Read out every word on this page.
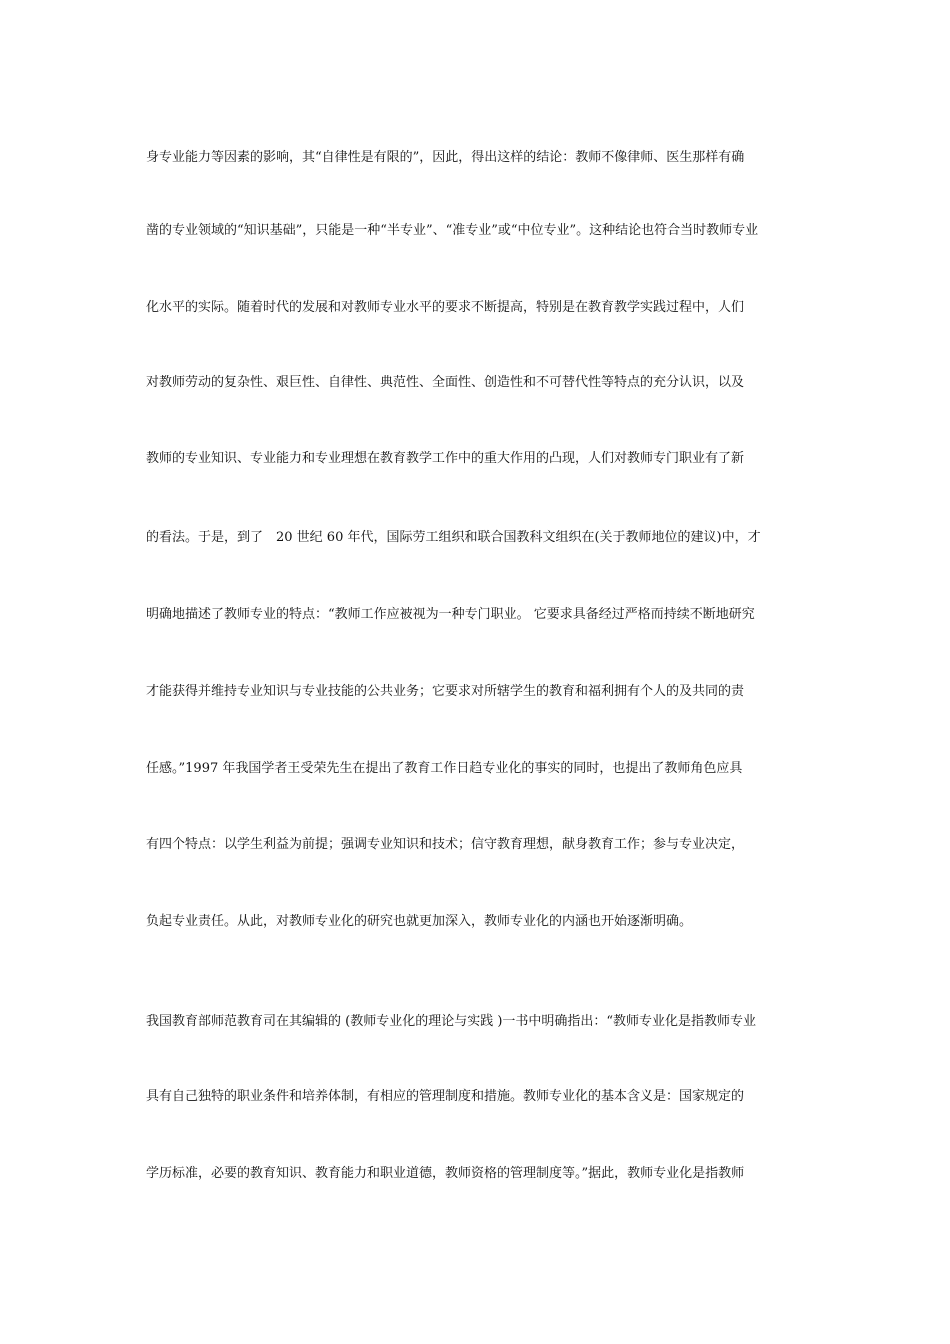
身专业能力等因素的影响，其“自律性是有限的”，因此，得出这样的结论：教师不像律师、医生那样有确
凿的专业领域的“知识基础”，只能是一种“半专业”、“准专业”或“中位专业”。这种结论也符合当时教师专业
化水平的实际。随着时代的发展和对教师专业水平的要求不断提高，特别是在教育教学实践过程中，人们
对教师劳动的复杂性、艰巨性、自律性、典范性、全面性、创造性和不可替代性等特点的充分认识，以及
教师的专业知识、专业能力和专业理想在教育教学工作中的重大作用的凸现，人们对教师专门职业有了新
的看法。于是，到了　20 世纪 60 年代，国际劳工组织和联合国教科文组织在(关于教师地位的建议)中，才
明确地描述了教师专业的特点：“教师工作应被视为一种专门职业。 它要求具备经过严格而持续不断地研究
才能获得并维持专业知识与专业技能的公共业务；它要求对所辖学生的教育和福利拥有个人的及共同的责
任感。”1997 年我国学者王受荣先生在提出了教育工作日趋专业化的事实的同时，也提出了教师角色应具
有四个特点：以学生利益为前提；强调专业知识和技术；信守教育理想，献身教育工作；参与专业决定，
负起专业责任。从此，对教师专业化的研究也就更加深入，教师专业化的内涵也开始逐渐明确。
我国教育部师范教育司在其编辑的 (教师专业化的理论与实践 )一书中明确指出：“教师专业化是指教师专业
具有自己独特的职业条件和培养体制，有相应的管理制度和措施。教师专业化的基本含义是：国家规定的
学历标准，必要的教育知识、教育能力和职业道德，教师资格的管理制度等。”据此，教师专业化是指教师
